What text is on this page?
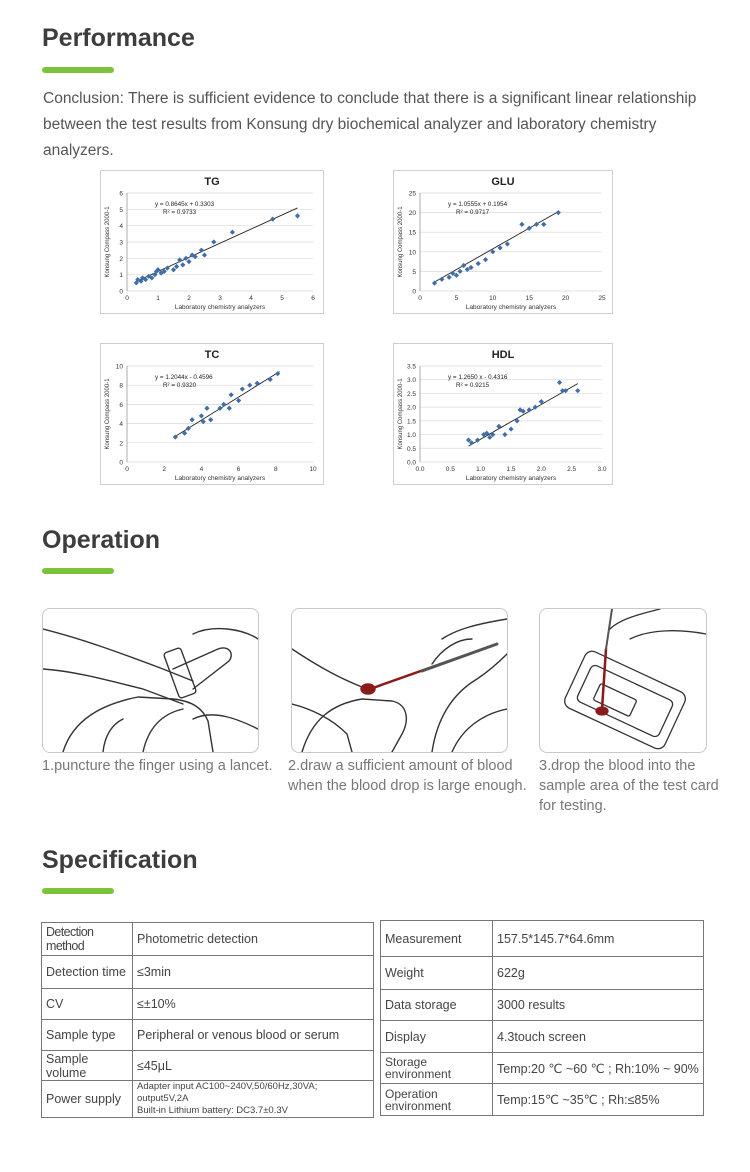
Performance

Conclusion: There is sufficient evidence to conclude that there is a significant linear relationship between the test results from Konsung dry biochemical analyzer and laboratory chemistry analyzers.

TG
0
1
2
3
4
5
6
0	1	2	3	4	5	6
Laboratory chemistry analyzers
Konsung Compass 2000-1
y = 0.8645x + 0.3303
R² = 0.9733
GLU
0
5
10
15
20
25
0	5	10	15	20	25
Laboratory chemistry analyzers
Konsung Compass 2000-1
y = 1.0555x + 0.1954
R² = 0.9717
TC
0
2
4
6
8
10
0	2	4	6	8	10
Laboratory chemistry analyzers
Konsung Compass 2000-1
y = 1.2044x - 0.4596
R² = 0.9320
HDL
0.0
0.5
1.0
1.5
2.0
2.5
3.0
3.5
0.0	0.5	1.0	1.5	2.0	2.5	3.0
Laboratory chemistry analyzers
Konsung Compass 2000-1
y = 1.2650 x - 0.4316
R² = 0.9215
Operation

1.puncture the finger using a lancet.	2.draw a sufficient amount of blood when the blood drop is large enough.

3.drop the blood into the sample area of the test card for testing.

Specification
Detection method	Photometric detection
Detection time	≤3min
CV	≤±10%
Sample type	Peripheral or venous blood or serum
Sample volume	≤45μL
Power supply	Adapter input AC100~240V,50/60Hz,30VA; output5V,2A
Built-in Lithium battery: DC3.7±0.3V
Measurement	157.5*145.7*64.6mm
Weight	622g
Data storage	3000 results
Display	4.3touch screen
Storage environment	Temp:20 ℃ ~60 ℃ ; Rh:10% ~ 90%
Operation environment	Temp:15℃ ~35℃ ; Rh:≤85%
